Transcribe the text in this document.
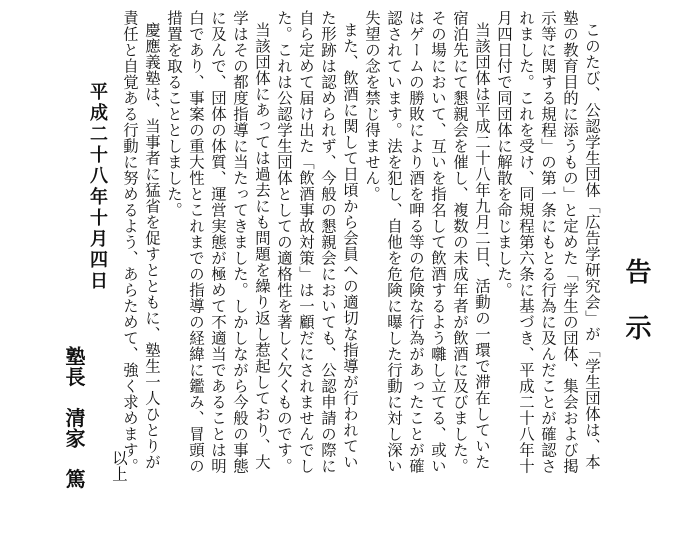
告示
このたび、公認学生団体「広告学研究会」が「学生団体は、本
塾の教育目的に添うもの」と定めた「学生の団体、集会および掲
示等に関する規程」の第一条にもとる行為に及んだことが確認さ
れました。これを受け、同規程第六条に基づき、平成二十八年十
月四日付で同団体に解散を命じました。
当該団体は平成二十八年九月二日、活動の一環で滞在していた
宿泊先にて懇親会を催し、複数の未成年者が飲酒に及びました。
その場において、互いを指名して飲酒するよう囃し立てる、或い
はゲームの勝敗により酒を呷る等の危険な行為があったことが確
認されています。法を犯し、自他を危険に曝した行動に対し深い
失望の念を禁じ得ません。
また、飲酒に関して日頃から会員への適切な指導が行われてい
た形跡は認められず、今般の懇親会においても、公認申請の際に
自ら定めて届け出た「飲酒事故対策」は一顧だにされませんでし
た。これは公認学生団体としての適格性を著しく欠くものです。
当該団体にあっては過去にも問題を繰り返し惹起しており、大
学はその都度指導に当たってきました。しかしながら今般の事態
に及んで、団体の体質、運営実態が極めて不適当であることは明
白であり、事案の重大性とこれまでの指導の経緯に鑑み、冒頭の
措置を取ることとしました。
慶應義塾は、当事者に猛省を促すとともに、塾生一人ひとりが
責任と自覚ある行動に努めるよう、あらためて、強く求めます。
以上
平成二十八年十月四日
塾長清家篤
